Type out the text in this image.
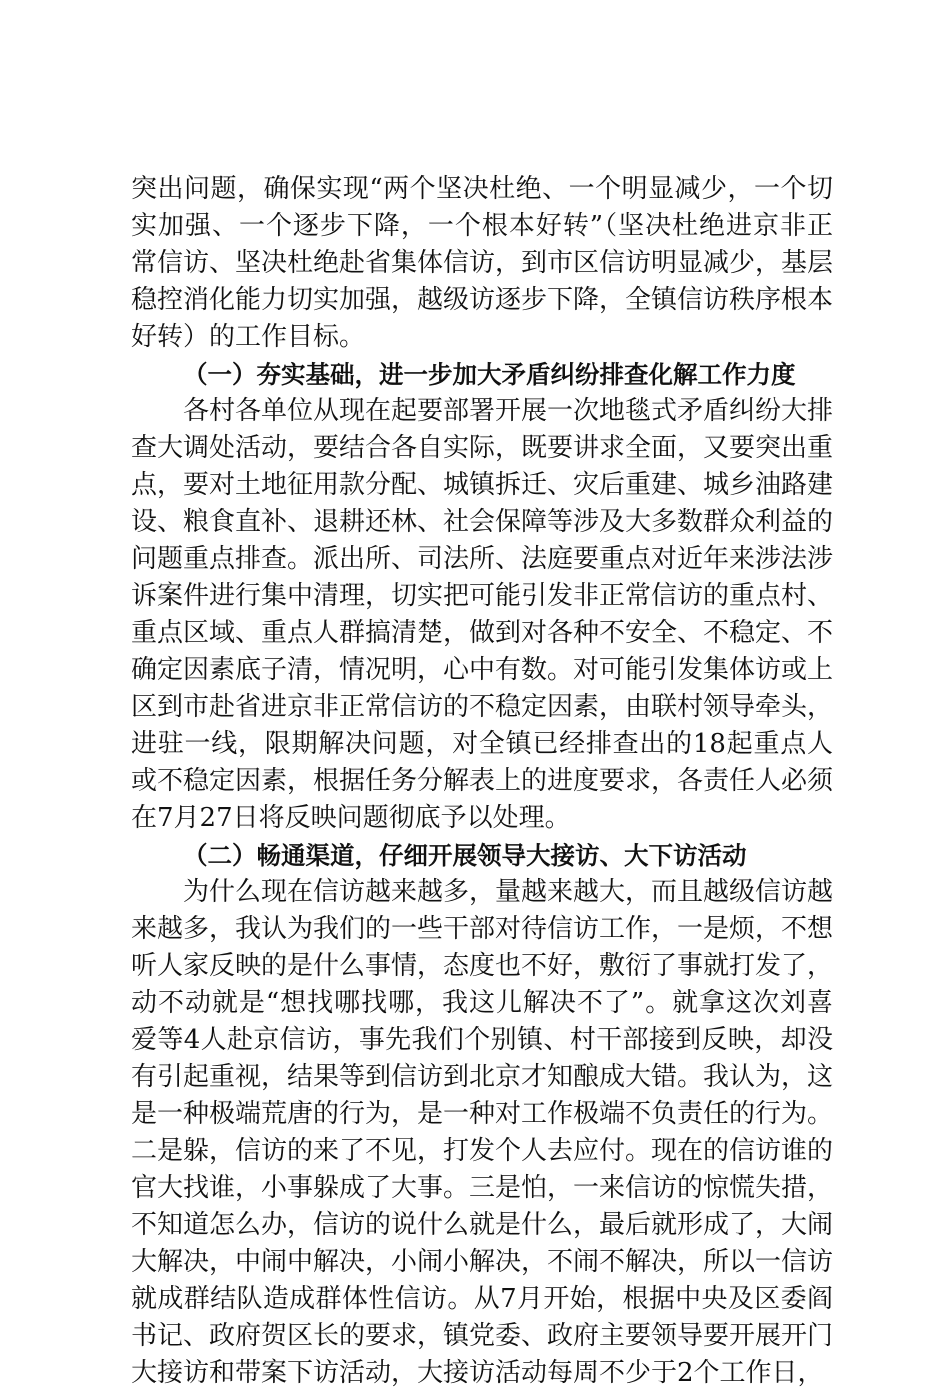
突出问题，确保实现“两个坚决杜绝、一个明显减少，一个切实加强、一个逐步下降，一个根本好转”（坚决杜绝进京非正常信访、坚决杜绝赴省集体信访，到市区信访明显减少，基层稳控消化能力切实加强，越级访逐步下降，全镇信访秩序根本好转）的工作目标。

（一）夯实基础，进一步加大矛盾纠纷排查化解工作力度

各村各单位从现在起要部署开展一次地毯式矛盾纠纷大排查大调处活动，要结合各自实际，既要讲求全面，又要突出重点，要对土地征用款分配、城镇拆迁、灾后重建、城乡油路建设、粮食直补、退耕还林、社会保障等涉及大多数群众利益的问题重点排查。派出所、司法所、法庭要重点对近年来涉法涉诉案件进行集中清理，切实把可能引发非正常信访的重点村、重点区域、重点人群搞清楚，做到对各种不安全、不稳定、不确定因素底子清，情况明，心中有数。对可能引发集体访或上区到市赴省进京非正常信访的不稳定因素，由联村领导牵头，进驻一线，限期解决问题，对全镇已经排查出的18起重点人或不稳定因素，根据任务分解表上的进度要求，各责任人必须在7月27日将反映问题彻底予以处理。

（二）畅通渠道，仔细开展领导大接访、大下访活动

为什么现在信访越来越多，量越来越大，而且越级信访越来越多，我认为我们的一些干部对待信访工作，一是烦，不想听人家反映的是什么事情，态度也不好，敷衍了事就打发了，动不动就是“想找哪找哪，我这儿解决不了”。就拿这次刘喜爱等4人赴京信访，事先我们个别镇、村干部接到反映，却没有引起重视，结果等到信访到北京才知酿成大错。我认为，这是一种极端荒唐的行为，是一种对工作极端不负责任的行为。二是躲，信访的来了不见，打发个人去应付。现在的信访谁的官大找谁，小事躲成了大事。三是怕，一来信访的惊慌失措，不知道怎么办，信访的说什么就是什么，最后就形成了，大闹大解决，中闹中解决，小闹小解决，不闹不解决，所以一信访就成群结队造成群体性信访。从7月开始，根据中央及区委阎书记、政府贺区长的要求，镇党委、政府主要领导要开展开门大接访和带案下访活动，大接访活动每周不少于2个工作日，
